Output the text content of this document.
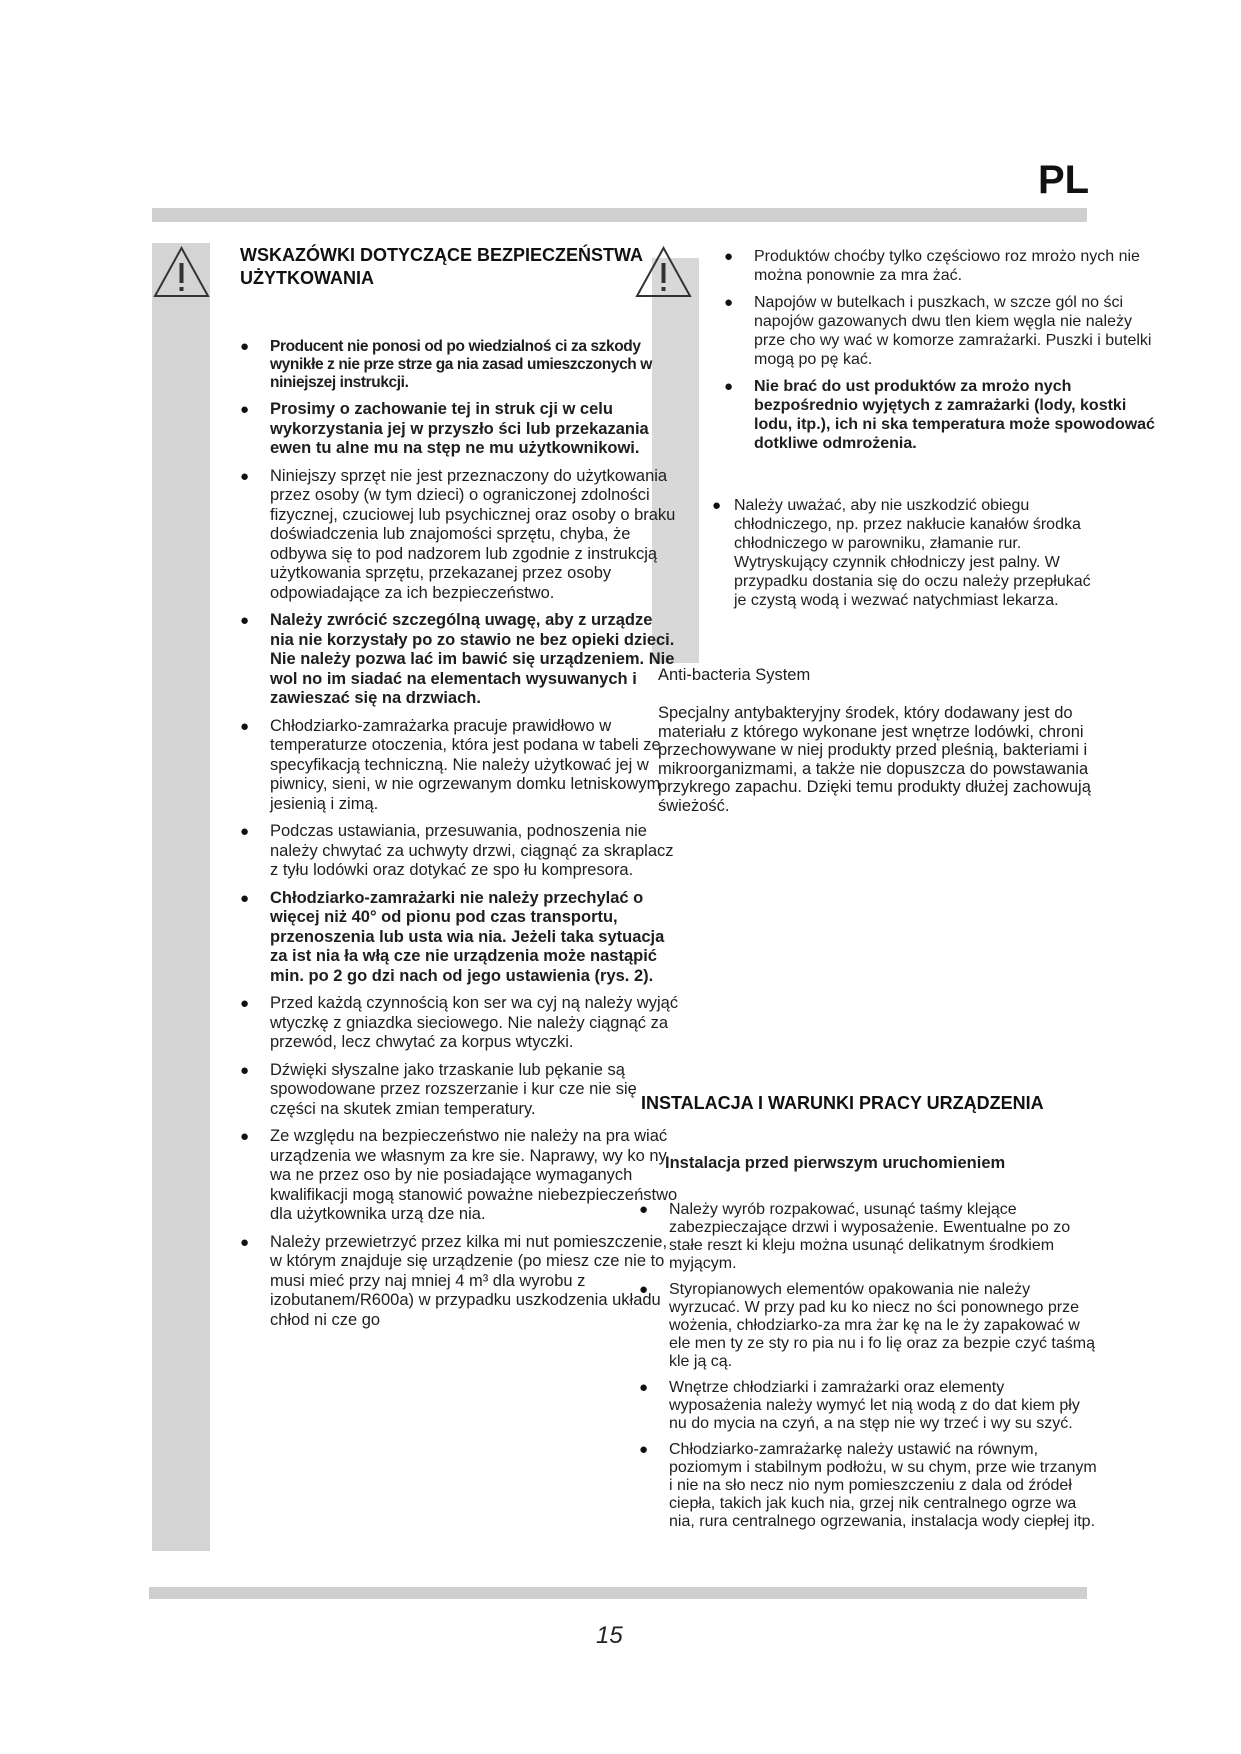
PL
WSKAZÓWKI DOTYCZĄCE BEZPIECZEŃSTWA UŻYTKOWANIA
● Producent nie ponosi od po wiedzialnoś ci za szkody wynikłe z nie prze strze ga nia zasad umieszczonych w niniejszej instrukcji.
● Prosimy o zachowanie tej in struk cji w celu wykorzystania jej w przyszło ści lub przekazania ewen tu alne mu na stęp ne mu użytkownikowi.
● Niniejszy sprzęt nie jest przeznaczony do użytkowania przez osoby (w tym dzieci) o ograniczonej zdolności fizycznej, czuciowej lub psychicznej oraz osoby o braku doświadczenia lub znajomości sprzętu, chyba, że odbywa się to pod nadzorem lub zgodnie z instrukcją użytkowania sprzętu, przekazanej przez osoby odpowiadające za ich bezpieczeństwo.
● Należy zwrócić szczególną uwagę, aby z urządze nia nie korzystały po zo stawio ne bez opieki dzieci. Nie należy pozwa lać im bawić się urządzeniem. Nie wol no im siadać na elementach wysuwanych i zawieszać się na drzwiach.
● Chłodziarko-zamrażarka pracuje prawidłowo w temperaturze otoczenia, która jest podana w tabeli ze specyfikacją techniczną. Nie należy użytkować jej w piwnicy, sieni, w nie ogrzewanym domku letniskowym jesienią i zimą.
● Podczas ustawiania, przesuwania, podnoszenia nie należy chwytać za uchwyty drzwi, ciągnąć za skraplacz z tyłu lodówki oraz dotykać ze spo łu kompresora.
● Chłodziarko-zamrażarki nie należy przechylać o więcej niż 40° od pionu pod czas transportu, przenoszenia lub usta wia nia. Jeżeli taka sytuacja za ist nia ła włą cze nie urządzenia może nastąpić min. po 2 go dzi nach od jego ustawienia (rys. 2).
● Przed każdą czynnością kon ser wa cyj ną należy wyjąć wtyczkę z gniazdka sieciowego. Nie należy ciągnąć za przewód, lecz chwytać za korpus wtyczki.
● Dźwięki słyszalne jako trzaskanie lub pękanie są spowodowane przez rozszerzanie i kur cze nie się części na skutek zmian temperatury.
● Ze względu na bezpieczeństwo nie należy na pra wiać urządzenia we własnym za kre sie. Naprawy, wy ko ny wa ne przez oso by nie posiadające wymaganych kwalifikacji mogą stanowić poważne niebezpieczeństwo dla użytkownika urzą dze nia.
● Należy przewietrzyć przez kilka mi nut pomieszczenie, w którym znajduje się urządzenie (po miesz cze nie to musi mieć przy naj mniej 4 m³ dla wyrobu z izobutanem/R600a) w przypadku uszkodzenia układu chłod ni cze go
● Produktów choćby tylko częściowo roz mrożo nych nie można ponownie za mra żać.
● Napojów w butelkach i puszkach, w szcze gól no ści napojów gazowanych dwu tlen kiem węgla nie należy prze cho wy wać w komorze zamrażarki. Puszki i butelki mogą po pę kać.
● Nie brać do ust produktów za mrożo nych bezpośrednio wyjętych z zamrażarki (lody, kostki lodu, itp.), ich ni ska temperatura może spowodować dotkliwe odmrożenia.
● Należy uważać, aby nie uszkodzić obiegu chłodniczego, np. przez nakłucie kanałów środka chłodniczego w parowniku, złamanie rur. Wytryskujący czynnik chłodniczy jest palny. W przypadku dostania się do oczu należy przepłukać je czystą wodą i wezwać natychmiast lekarza.
Anti-bacteria System
Specjalny antybakteryjny środek, który dodawany jest do materiału z którego wykonane jest wnętrze lodówki, chroni przechowywane w niej produkty przed pleśnią, bakteriami i mikroorganizmami, a także nie dopuszcza do powstawania przykrego zapachu. Dzięki temu produkty dłużej zachowują świeżość.
INSTALACJA I WARUNKI PRACY URZĄDZENIA
Instalacja przed pierwszym uruchomieniem
● Należy wyrób rozpakować, usunąć taśmy klejące zabezpieczające drzwi i wyposażenie. Ewentualne po zo stałe reszt ki kleju można usunąć delikatnym środkiem myjącym.
● Styropianowych elementów opakowania nie należy wyrzucać. W przy pad ku ko niecz no ści ponownego prze wożenia, chłodziarko-za mra żar kę na le ży zapakować w ele men ty ze sty ro pia nu i fo lię oraz za bezpie czyć taśmą kle ją cą.
● Wnętrze chłodziarki i zamrażarki oraz elementy wyposażenia należy wymyć let nią wodą z do dat kiem pły nu do mycia na czyń, a na stęp nie wy trzeć i wy su szyć.
● Chłodziarko-zamrażarkę należy ustawić na równym, poziomym i stabilnym podłożu, w su chym, prze wie trzanym i nie na sło necz nio nym pomieszczeniu z dala od źródeł ciepła, takich jak kuch nia, grzej nik centralnego ogrze wa nia, rura centralnego ogrzewania, instalacja wody ciepłej itp.
15
